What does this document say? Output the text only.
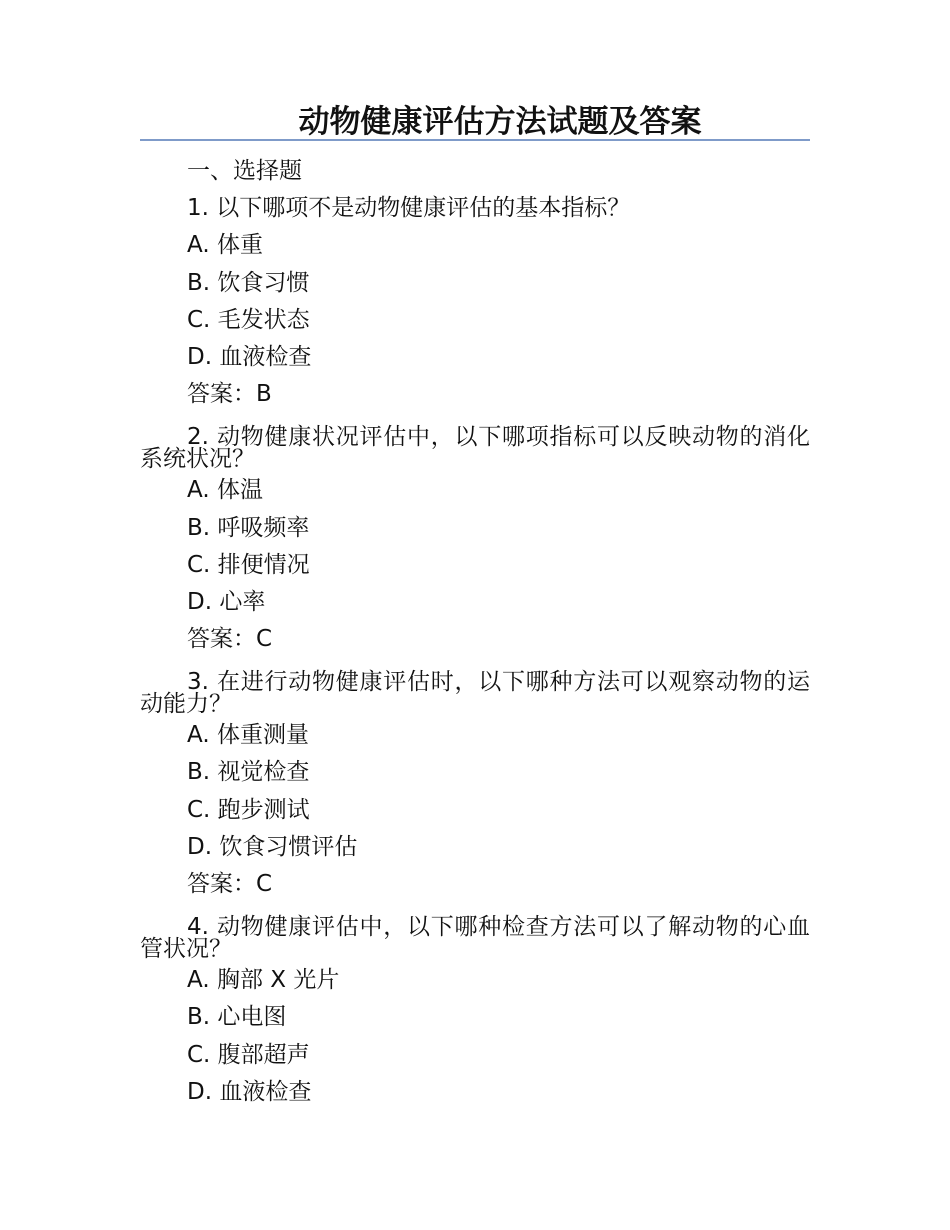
动物健康评估方法试题及答案
一、选择题
1. 以下哪项不是动物健康评估的基本指标？
A. 体重
B. 饮食习惯
C. 毛发状态
D. 血液检查
答案：B
2. 动物健康状况评估中，以下哪项指标可以反映动物的消化系统状况？
A. 体温
B. 呼吸频率
C. 排便情况
D. 心率
答案：C
3. 在进行动物健康评估时，以下哪种方法可以观察动物的运动能力？
A. 体重测量
B. 视觉检查
C. 跑步测试
D. 饮食习惯评估
答案：C
4. 动物健康评估中，以下哪种检查方法可以了解动物的心血管状况？
A. 胸部 X 光片
B. 心电图
C. 腹部超声
D. 血液检查
